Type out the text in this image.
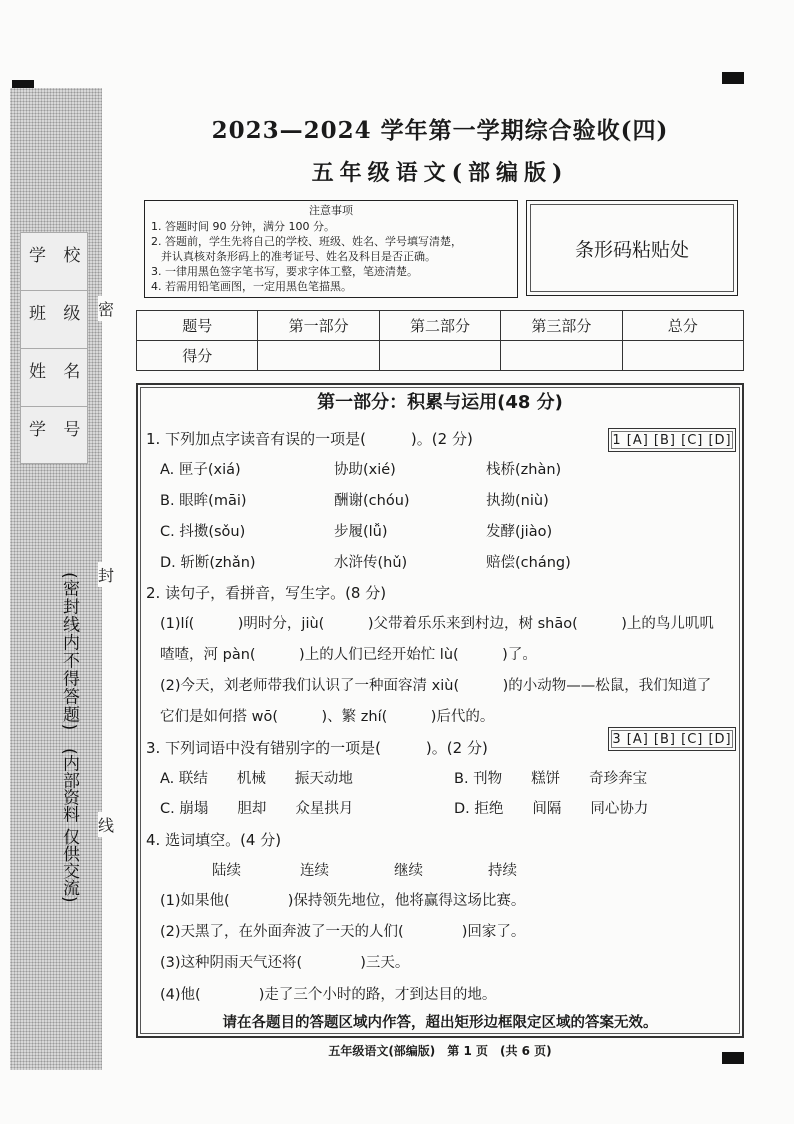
学 校
班 级
姓 名
学 号
(密封线内不得答题)
(内部资料 仅供交流)
密
封
线
2023—2024 学年第一学期综合验收(四)
五年级语文(部编版)
注意事项
1. 答题时间 90 分钟，满分 100 分。
2. 答题前，学生先将自己的学校、班级、姓名、学号填写清楚，
并认真核对条形码上的准考证号、姓名及科目是否正确。
3. 一律用黑色签字笔书写，要求字体工整，笔迹清楚。
4. 若需用铅笔画图，一定用黑色笔描黑。
条形码粘贴处
题号	第一部分	第二部分	第三部分	总分
得分				
第一部分：积累与运用(48 分)
1. 下列加点字读音有误的一项是(　　　)。(2 分)	1 [A] [B] [C] [D]
A. 匣子(xiá)	协助(xié)	栈桥(zhàn)
B. 眼眸(māi)	酬谢(chóu)	执拗(niù)
C. 抖擞(sǒu)	步履(lǚ)	发酵(jiào)
D. 斩断(zhǎn)	水浒传(hǔ)	赔偿(cháng)
2. 读句子，看拼音，写生字。(8 分)
(1)lí(　　　)明时分，jiù(　　　)父带着乐乐来到村边，树 shāo(　　　)上的鸟儿叽叽
喳喳，河 pàn(　　　)上的人们已经开始忙 lù(　　　)了。
(2)今天，刘老师带我们认识了一种面容清 xiù(　　　)的小动物——松鼠，我们知道了
它们是如何搭 wō(　　　)、繁 zhí(　　　)后代的。
3. 下列词语中没有错别字的一项是(　　　)。(2 分)	3 [A] [B] [C] [D]
A. 联结　　机械　　振天动地	B. 刊物　　糕饼　　奇珍奔宝
C. 崩塌　　胆却　　众星拱月	D. 拒绝　　间隔　　同心协力
4. 选词填空。(4 分)
陆续	连续	继续	持续
(1)如果他(　　　　)保持领先地位，他将赢得这场比赛。
(2)天黑了，在外面奔波了一天的人们(　　　　)回家了。
(3)这种阴雨天气还将(　　　　)三天。
(4)他(　　　　)走了三个小时的路，才到达目的地。
请在各题目的答题区域内作答，超出矩形边框限定区域的答案无效。
五年级语文(部编版)　第 1 页　(共 6 页)
